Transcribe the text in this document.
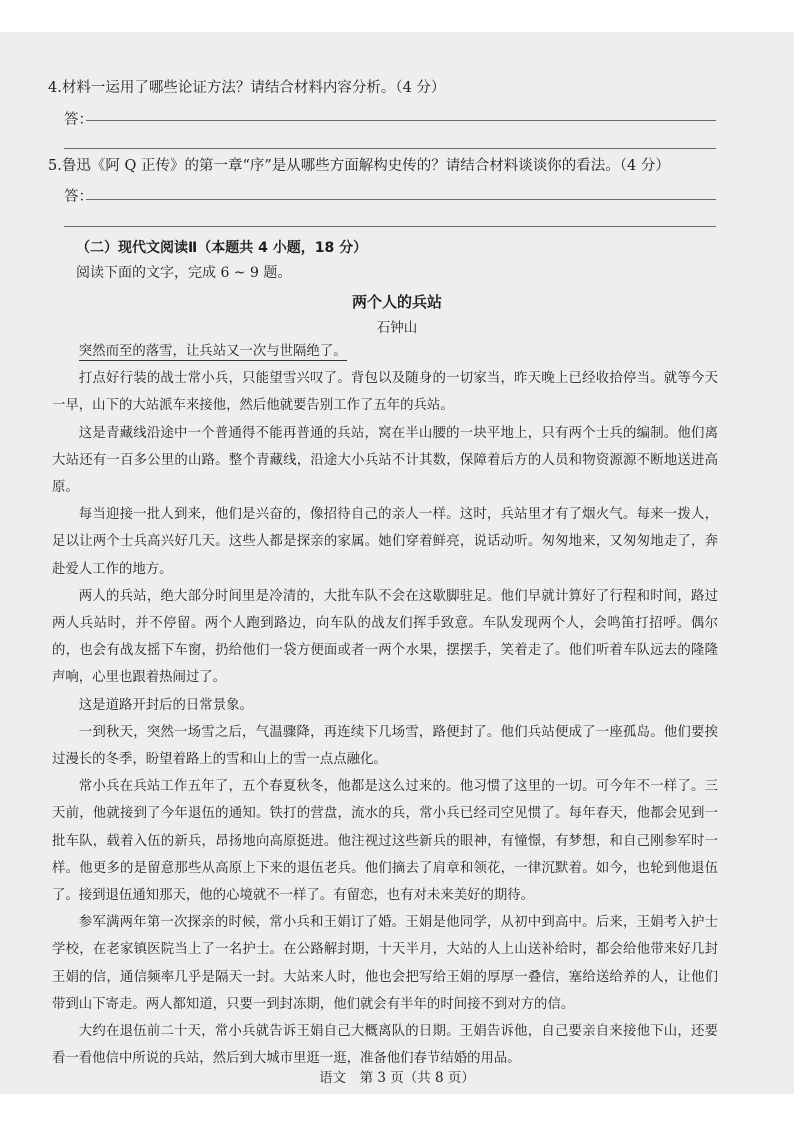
4.材料一运用了哪些论证方法？请结合材料内容分析。（4 分）
答：
5.鲁迅《阿 Q 正传》的第一章“序”是从哪些方面解构史传的？请结合材料谈谈你的看法。（4 分）
答：
（二）现代文阅读Ⅱ（本题共 4 小题，18 分）
阅读下面的文字，完成 6 ~ 9 题。
两个人的兵站
石钟山

突然而至的落雪，让兵站又一次与世隔绝了。

打点好行装的战士常小兵，只能望雪兴叹了。背包以及随身的一切家当，昨天晚上已经收拾停当。就等今天一早，山下的大站派车来接他，然后他就要告别工作了五年的兵站。

这是青藏线沿途中一个普通得不能再普通的兵站，窝在半山腰的一块平地上，只有两个士兵的编制。他们离大站还有一百多公里的山路。整个青藏线，沿途大小兵站不计其数，保障着后方的人员和物资源源不断地送进高原。

每当迎接一批人到来，他们是兴奋的，像招待自己的亲人一样。这时，兵站里才有了烟火气。每来一拨人，足以让两个士兵高兴好几天。这些人都是探亲的家属。她们穿着鲜亮，说话动听。匆匆地来，又匆匆地走了，奔赴爱人工作的地方。

两人的兵站，绝大部分时间里是冷清的，大批车队不会在这歇脚驻足。他们早就计算好了行程和时间，路过两人兵站时，并不停留。两个人跑到路边，向车队的战友们挥手致意。车队发现两个人，会鸣笛打招呼。偶尔的，也会有战友摇下车窗，扔给他们一袋方便面或者一两个水果，摆摆手，笑着走了。他们听着车队远去的隆隆声响，心里也跟着热闹过了。

这是道路开封后的日常景象。

一到秋天，突然一场雪之后，气温骤降，再连续下几场雪，路便封了。他们兵站便成了一座孤岛。他们要挨过漫长的冬季，盼望着路上的雪和山上的雪一点点融化。

常小兵在兵站工作五年了，五个春夏秋冬，他都是这么过来的。他习惯了这里的一切。可今年不一样了。三天前，他就接到了今年退伍的通知。铁打的营盘，流水的兵，常小兵已经司空见惯了。每年春天，他都会见到一批车队，载着入伍的新兵，昂扬地向高原挺进。他注视过这些新兵的眼神，有憧憬，有梦想，和自己刚参军时一样。他更多的是留意那些从高原上下来的退伍老兵。他们摘去了肩章和领花，一律沉默着。如今，也轮到他退伍了。接到退伍通知那天，他的心境就不一样了。有留恋，也有对未来美好的期待。

参军满两年第一次探亲的时候，常小兵和王娟订了婚。王娟是他同学，从初中到高中。后来，王娟考入护士学校，在老家镇医院当上了一名护士。在公路解封期，十天半月，大站的人上山送补给时，都会给他带来好几封王娟的信，通信频率几乎是隔天一封。大站来人时，他也会把写给王娟的厚厚一叠信，塞给送给养的人，让他们带到山下寄走。两人都知道，只要一到封冻期，他们就会有半年的时间接不到对方的信。

大约在退伍前二十天，常小兵就告诉王娟自己大概离队的日期。王娟告诉他，自己要亲自来接他下山，还要看一看他信中所说的兵站，然后到大城市里逛一逛，准备他们春节结婚的用品。

语文　第 3 页（共 8 页）
